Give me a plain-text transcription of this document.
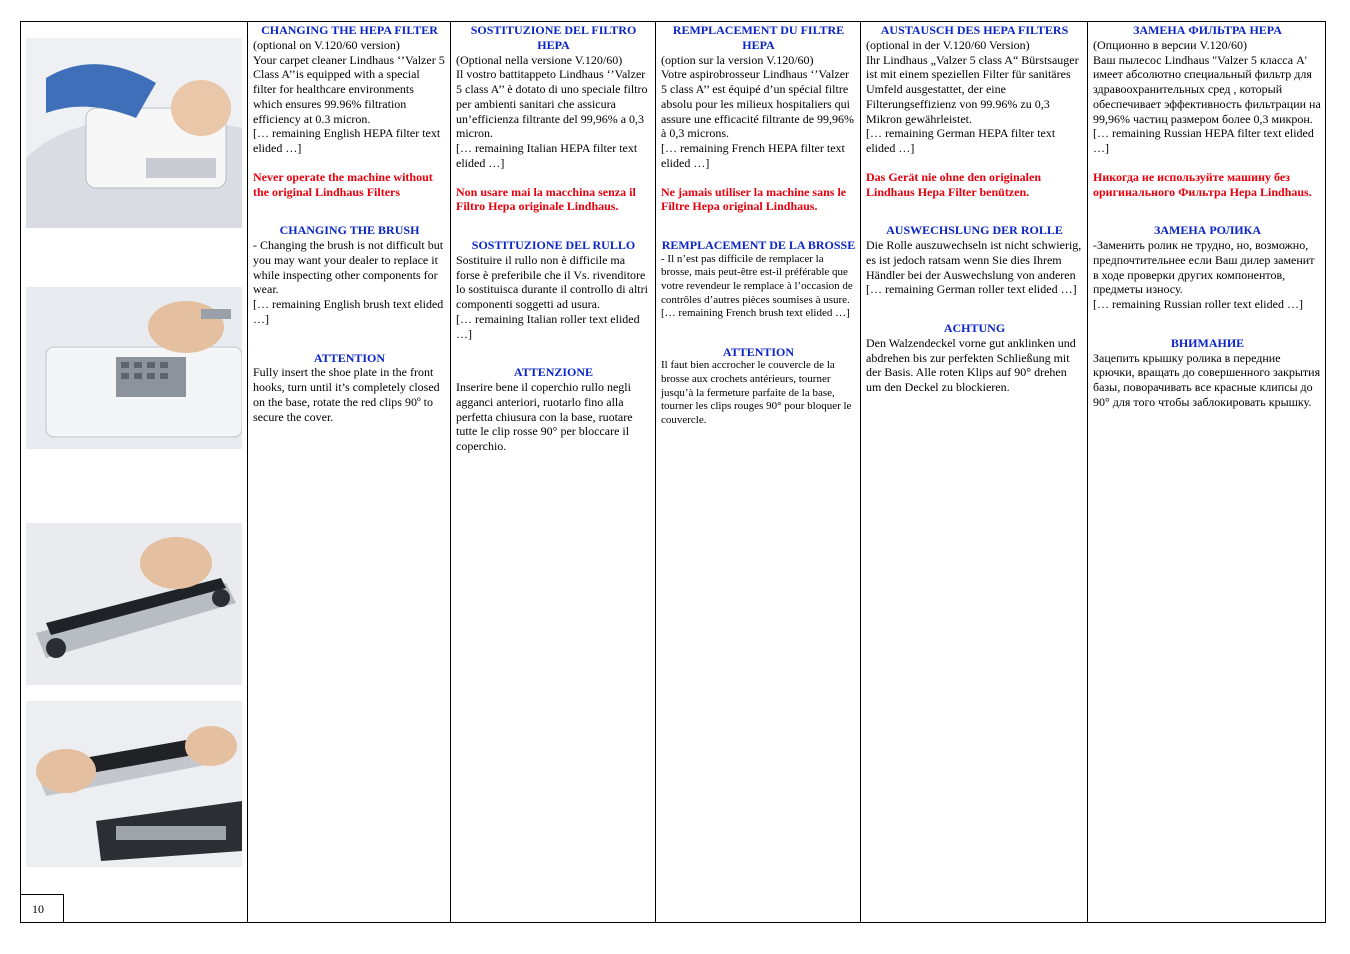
10

CHANGING THE HEPA FILTER

(optional on V.120/60 version)

Your carpet cleaner Lindhaus ‘’Valzer 5 Class A’’is equipped with a special filter for healthcare environments which ensures 99.96% filtration efficiency at 0.3 micron.

[… remaining English HEPA filter text elided …]

Never operate the machine without the original Lindhaus Filters

CHANGING THE BRUSH

- Changing the brush is not difficult but you may want your dealer to replace it while inspecting other components for wear.

[… remaining English brush text elided …]

ATTENTION

Fully insert the shoe plate in the front hooks, turn until it’s completely closed on the base, rotate the red clips 90º to secure the cover.

SOSTITUZIONE DEL FILTRO HEPA

(Optional nella versione V.120/60)

Il vostro battitappeto Lindhaus ‘’Valzer 5 class A’’ è dotato di uno speciale filtro per ambienti sanitari che assicura un’efficienza filtrante del 99,96% a 0,3 micron.

[… remaining Italian HEPA filter text elided …]

Non usare mai la macchina senza il Filtro Hepa originale Lindhaus.

SOSTITUZIONE DEL RULLO

Sostituire il rullo non è difficile ma forse è preferibile che il Vs. rivenditore lo sostituisca durante il controllo di altri componenti soggetti ad usura.

[… remaining Italian roller text elided …]

ATTENZIONE

Inserire bene il coperchio rullo negli agganci anteriori, ruotarlo fino alla perfetta chiusura con la base, ruotare tutte le clip rosse 90° per bloccare il coperchio.

REMPLACEMENT DU FILTRE HEPA

(option sur la version V.120/60)

Votre aspirobrosseur Lindhaus ‘’Valzer 5 class A’’ est équipé d’un spécial filtre absolu pour les milieux hospitaliers qui assure une efficacité filtrante de 99,96% à 0,3 microns.

[… remaining French HEPA filter text elided …]

Ne jamais utiliser la machine sans le Filtre Hepa original Lindhaus.

REMPLACEMENT DE LA BROSSE

- Il n’est pas difficile de remplacer la brosse, mais peut-être est-il préférable que votre revendeur le remplace à l’occasion de contrôles d’autres pièces soumises à usure.

[… remaining French brush text elided …]

ATTENTION

Il faut bien accrocher le couvercle de la brosse aux crochets antérieurs, tourner jusqu’à la fermeture parfaite de la base, tourner les clips rouges 90° pour bloquer le couvercle.

AUSTAUSCH DES HEPA FILTERS

(optional in der V.120/60 Version)

Ihr Lindhaus „Valzer 5 class A“ Bürstsauger ist mit einem speziellen Filter für sanitäres Umfeld ausgestattet, der eine Filterungseffizienz von 99.96% zu 0,3 Mikron gewährleistet.

[… remaining German HEPA filter text elided …]

Das Gerät nie ohne den originalen Lindhaus Hepa Filter benützen.

AUSWECHSLUNG DER ROLLE

Die Rolle auszuwechseln ist nicht schwierig, es ist jedoch ratsam wenn Sie dies Ihrem Händler bei der Auswechslung von anderen

[… remaining German roller text elided …]

ACHTUNG

Den Walzendeckel vorne gut anklinken und abdrehen bis zur perfekten Schließung mit der Basis. Alle roten Klips auf 90° drehen um den Deckel zu blockieren.

ЗАМЕНА ФИЛЬТРА HEPA

(Опционно в версии V.120/60)

Ваш пылесос Lindhaus "Valzer 5 класса А' имеет абсолютно специальный фильтр для здравоохранительных сред , который обеспечивает эффективность фильтрации на 99,96% частиц размером более 0,3 микрон.

[… remaining Russian HEPA filter text elided …]

Никогда не используйте машину без оригинального Фильтра Hepa Lindhaus.

ЗАМЕНА РОЛИКА

-Заменить ролик не трудно, но, возможно, предпочтительнее если Ваш дилер заменит в ходе проверки других компонентов, предметы износу.

[… remaining Russian roller text elided …]

ВНИМАНИЕ

Зацепить крышку ролика в передние крючки, вращать до совершенного закрытия базы, поворачивать все красные клипсы до 90° для того чтобы заблокировать крышку.
